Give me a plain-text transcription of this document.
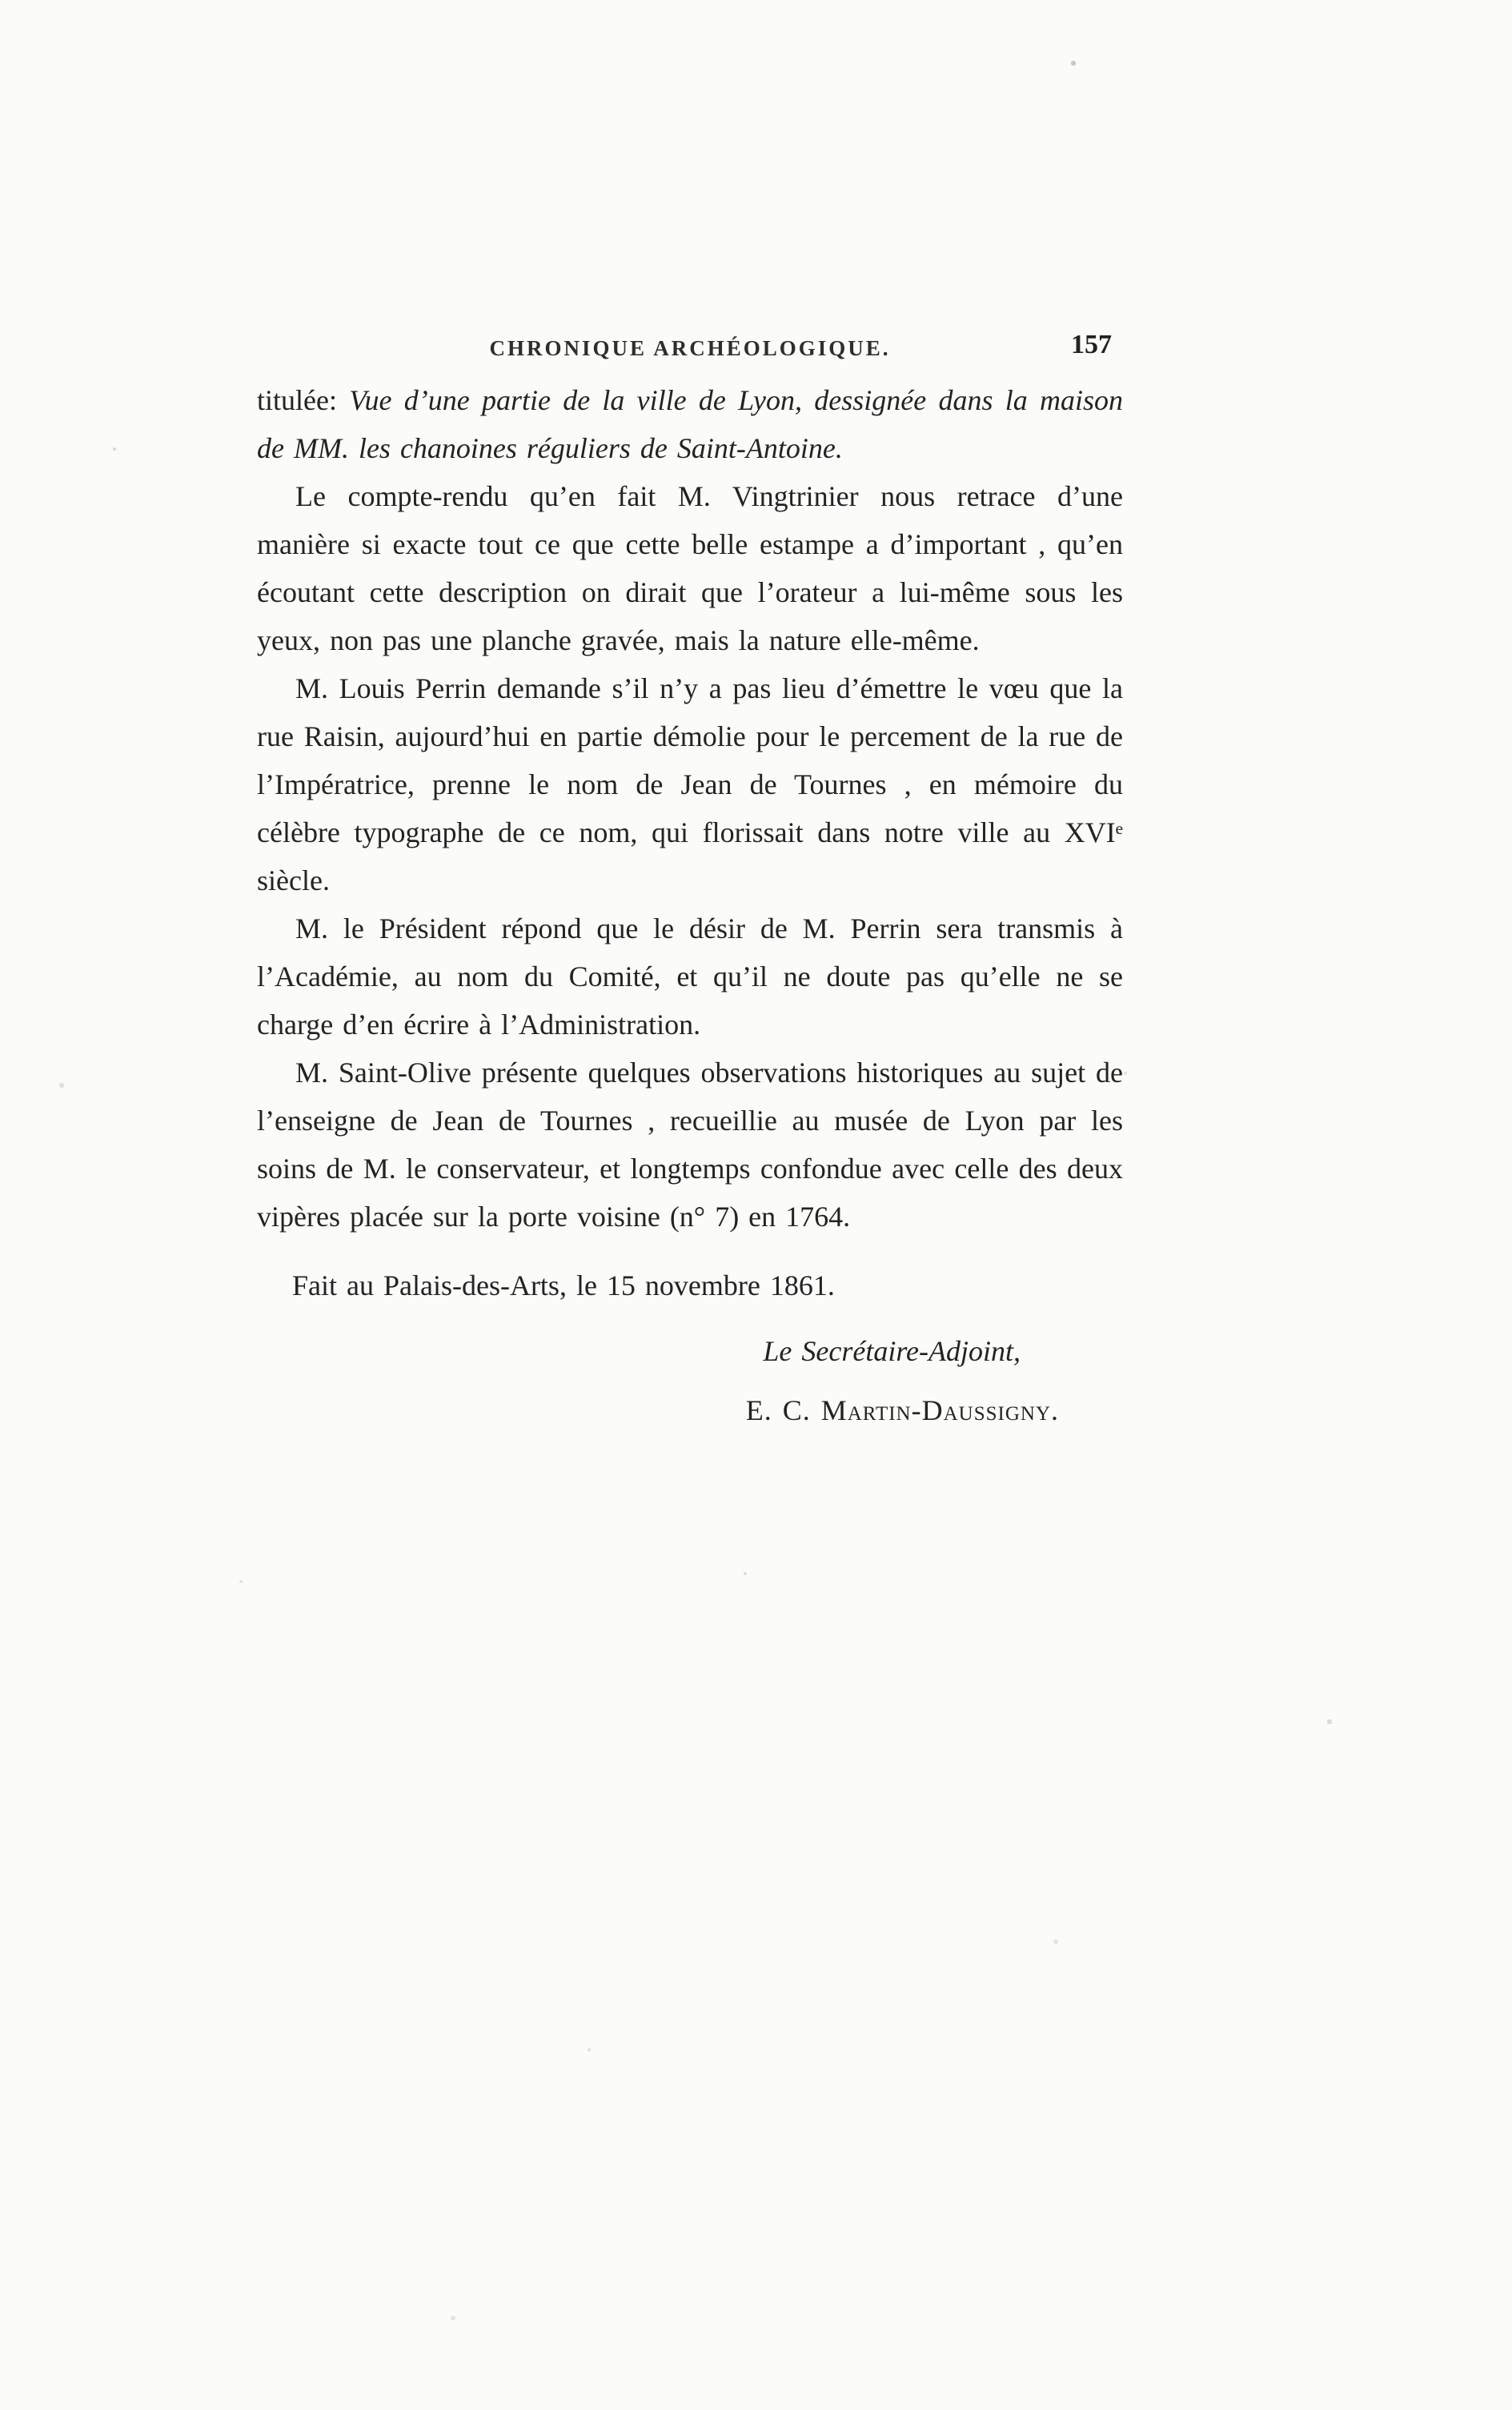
CHRONIQUE ARCHÉOLOGIQUE.	157

titulée: Vue d’une partie de la ville de Lyon, dessignée dans la maison de MM. les chanoines réguliers de Saint-Antoine.

Le compte-rendu qu’en fait M. Vingtrinier nous retrace d’une manière si exacte tout ce que cette belle estampe a d’important , qu’en écoutant cette description on dirait que l’orateur a lui-même sous les yeux, non pas une planche gravée, mais la nature elle-même.

M. Louis Perrin demande s’il n’y a pas lieu d’émettre le vœu que la rue Raisin, aujourd’hui en partie démolie pour le percement de la rue de l’Impératrice, prenne le nom de Jean de Tournes , en mémoire du célèbre typographe de ce nom, qui florissait dans notre ville au XVIᵉ siècle.

M. le Président répond que le désir de M. Perrin sera transmis à l’Académie, au nom du Comité, et qu’il ne doute pas qu’elle ne se charge d’en écrire à l’Administration.

M. Saint-Olive présente quelques observations historiques au sujet de l’enseigne de Jean de Tournes , recueillie au musée de Lyon par les soins de M. le conservateur, et longtemps confondue avec celle des deux vipères placée sur la porte voisine (n° 7) en 1764.

Fait au Palais-des-Arts, le 15 novembre 1861.

Le Secrétaire-Adjoint,

E. C. Martin-Daussigny.
